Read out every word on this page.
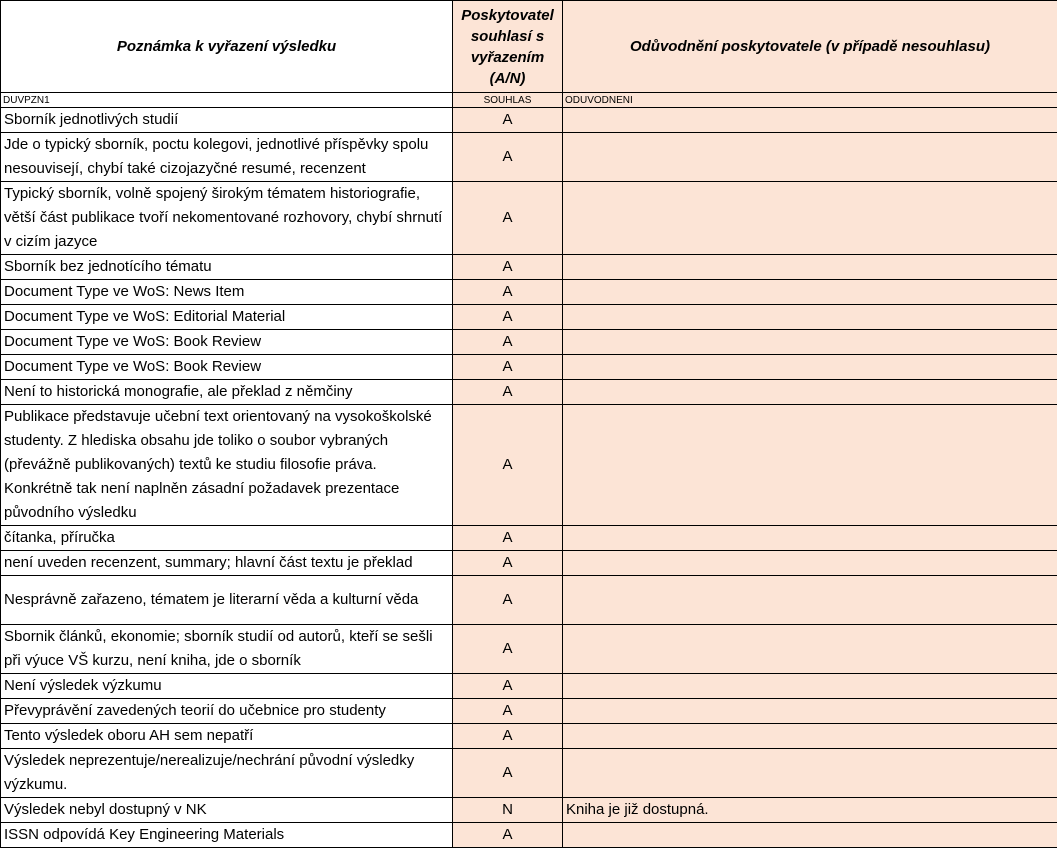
Poznámka k vyřazení výsledku	Poskytovatel souhlasí s vyřazením (A/N)	Odůvodnění poskytovatele (v případě nesouhlasu)
DUVPZN1	SOUHLAS	ODUVODNENI
Sborník jednotlivých studií	A	
Jde o typický sborník, poctu kolegovi, jednotlivé příspěvky spolu nesouvisejí, chybí také cizojazyčné resumé, recenzent	A	
Typický sborník, volně spojený širokým tématem historiografie, větší část publikace tvoří nekomentované rozhovory, chybí shrnutí v cizím jazyce	A	
Sborník bez jednotícího tématu	A	
Document Type ve WoS: News Item	A	
Document Type ve WoS: Editorial Material	A	
Document Type ve WoS: Book Review	A	
Document Type ve WoS: Book Review	A	
Není to historická monografie, ale překlad z němčiny	A	
Publikace představuje učební text orientovaný na vysokoškolské studenty. Z hlediska obsahu jde toliko o soubor vybraných (převážně publikovaných) textů ke studiu filosofie práva. Konkrétně tak není naplněn zásadní požadavek prezentace původního výsledku	A	
čítanka, příručka	A	
není uveden recenzent, summary; hlavní část textu je překlad	A	
Nesprávně zařazeno, tématem je literarní věda a kulturní věda	A	
Sbornik článků, ekonomie; sborník studií od autorů, kteří se sešli při výuce VŠ kurzu, není kniha, jde o sborník	A	
Není výsledek výzkumu	A	
Převyprávění zavedených teorií do učebnice pro studenty	A	
Tento výsledek oboru AH sem nepatří	A	
Výsledek neprezentuje/nerealizuje/nechrání původní výsledky výzkumu.	A	
Výsledek nebyl dostupný v NK	N	Kniha je již dostupná.
ISSN odpovídá Key Engineering Materials	A	
